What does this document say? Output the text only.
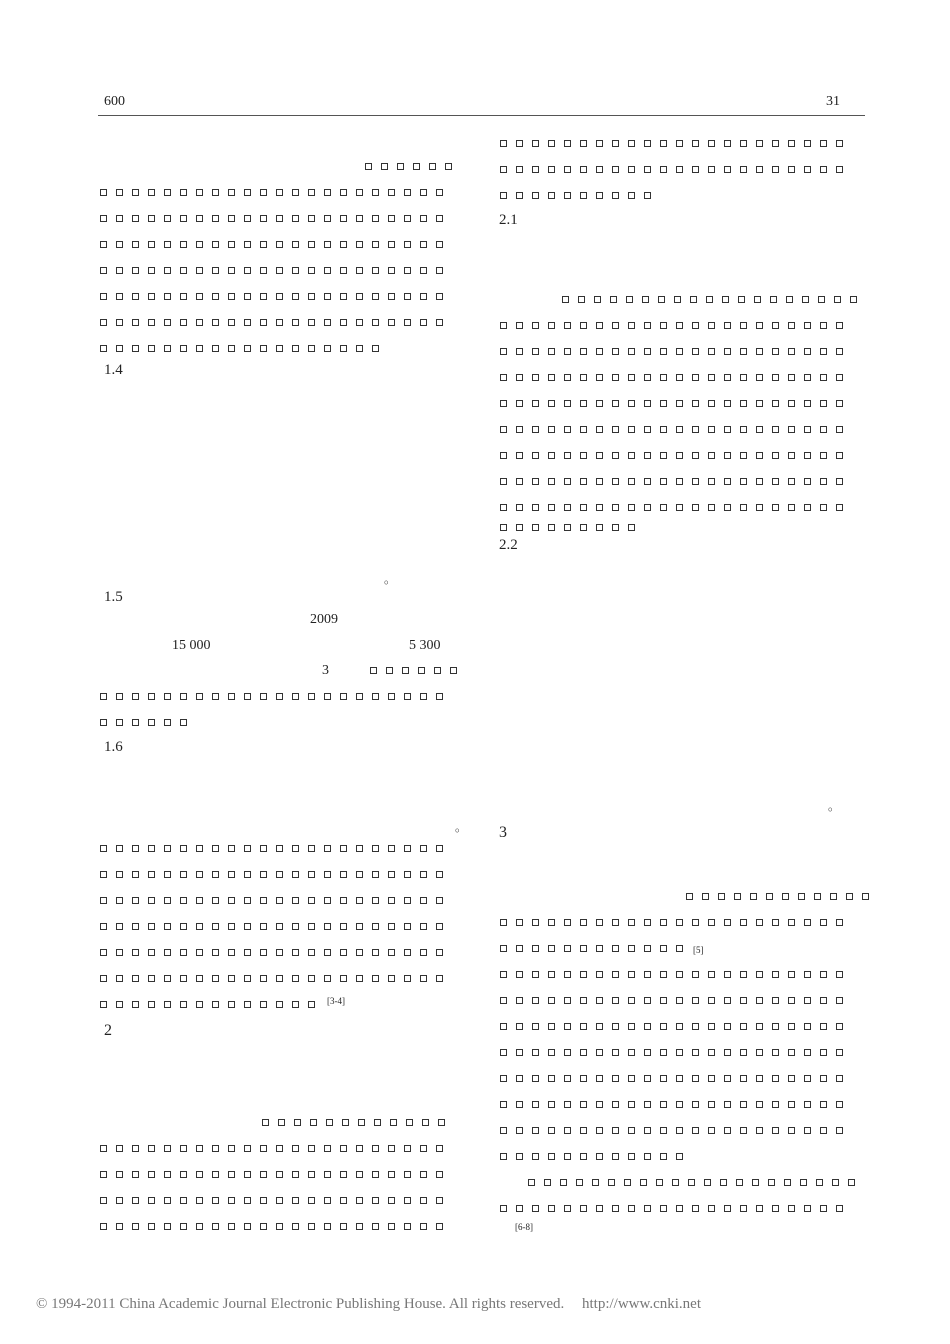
600	31
1.4
1.5
1.6
2
2.1
2.2
3
2009
15 000	5 300
3
。
。
。
[3-4]
[5]
[6-8]
© 1994-2011 China Academic Journal Electronic Publishing House. All rights reserved. http://www.cnki.net
